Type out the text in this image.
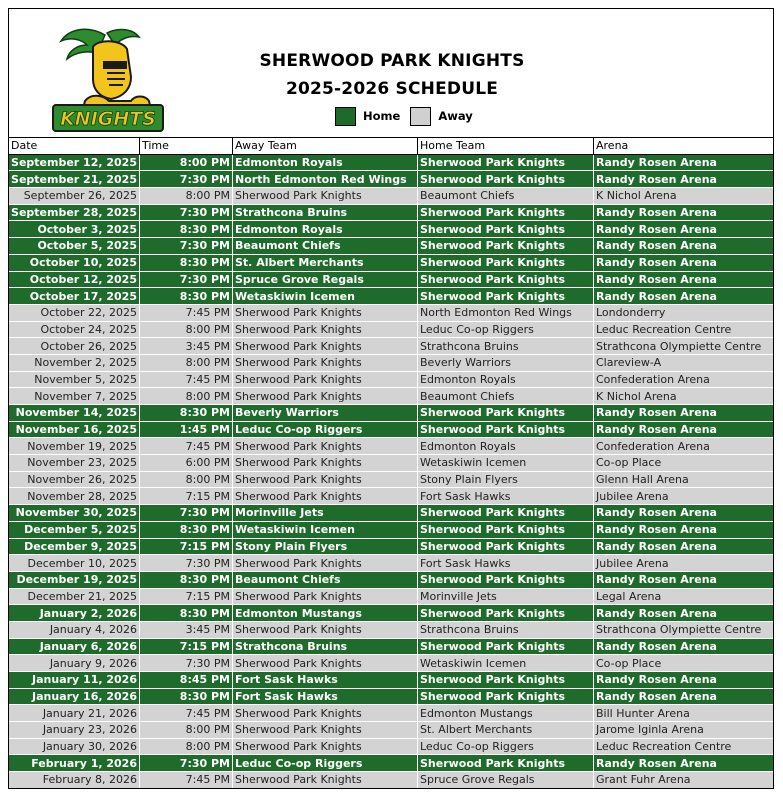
KNIGHTS
SHERWOOD PARK KNIGHTS
2025-2026 SCHEDULE
Home	Away
Date	Time	Away Team	Home Team	Arena
September 12, 2025	8:00 PM	Edmonton Royals	Sherwood Park Knights	Randy Rosen Arena
September 21, 2025	7:30 PM	North Edmonton Red Wings	Sherwood Park Knights	Randy Rosen Arena
September 26, 2025	8:00 PM	Sherwood Park Knights	Beaumont Chiefs	K Nichol Arena
September 28, 2025	7:30 PM	Strathcona Bruins	Sherwood Park Knights	Randy Rosen Arena
October 3, 2025	8:30 PM	Edmonton Royals	Sherwood Park Knights	Randy Rosen Arena
October 5, 2025	7:30 PM	Beaumont Chiefs	Sherwood Park Knights	Randy Rosen Arena
October 10, 2025	8:30 PM	St. Albert Merchants	Sherwood Park Knights	Randy Rosen Arena
October 12, 2025	7:30 PM	Spruce Grove Regals	Sherwood Park Knights	Randy Rosen Arena
October 17, 2025	8:30 PM	Wetaskiwin Icemen	Sherwood Park Knights	Randy Rosen Arena
October 22, 2025	7:45 PM	Sherwood Park Knights	North Edmonton Red Wings	Londonderry
October 24, 2025	8:00 PM	Sherwood Park Knights	Leduc Co-op Riggers	Leduc Recreation Centre
October 26, 2025	3:45 PM	Sherwood Park Knights	Strathcona Bruins	Strathcona Olympiette Centre
November 2, 2025	8:00 PM	Sherwood Park Knights	Beverly Warriors	Clareview-A
November 5, 2025	7:45 PM	Sherwood Park Knights	Edmonton Royals	Confederation Arena
November 7, 2025	8:00 PM	Sherwood Park Knights	Beaumont Chiefs	K Nichol Arena
November 14, 2025	8:30 PM	Beverly Warriors	Sherwood Park Knights	Randy Rosen Arena
November 16, 2025	1:45 PM	Leduc Co-op Riggers	Sherwood Park Knights	Randy Rosen Arena
November 19, 2025	7:45 PM	Sherwood Park Knights	Edmonton Royals	Confederation Arena
November 23, 2025	6:00 PM	Sherwood Park Knights	Wetaskiwin Icemen	Co-op Place
November 26, 2025	8:00 PM	Sherwood Park Knights	Stony Plain Flyers	Glenn Hall Arena
November 28, 2025	7:15 PM	Sherwood Park Knights	Fort Sask Hawks	Jubilee Arena
November 30, 2025	7:30 PM	Morinville Jets	Sherwood Park Knights	Randy Rosen Arena
December 5, 2025	8:30 PM	Wetaskiwin Icemen	Sherwood Park Knights	Randy Rosen Arena
December 9, 2025	7:15 PM	Stony Plain Flyers	Sherwood Park Knights	Randy Rosen Arena
December 10, 2025	7:30 PM	Sherwood Park Knights	Fort Sask Hawks	Jubilee Arena
December 19, 2025	8:30 PM	Beaumont Chiefs	Sherwood Park Knights	Randy Rosen Arena
December 21, 2025	7:15 PM	Sherwood Park Knights	Morinville Jets	Legal Arena
January 2, 2026	8:30 PM	Edmonton Mustangs	Sherwood Park Knights	Randy Rosen Arena
January 4, 2026	3:45 PM	Sherwood Park Knights	Strathcona Bruins	Strathcona Olympiette Centre
January 6, 2026	7:15 PM	Strathcona Bruins	Sherwood Park Knights	Randy Rosen Arena
January 9, 2026	7:30 PM	Sherwood Park Knights	Wetaskiwin Icemen	Co-op Place
January 11, 2026	8:45 PM	Fort Sask Hawks	Sherwood Park Knights	Randy Rosen Arena
January 16, 2026	8:30 PM	Fort Sask Hawks	Sherwood Park Knights	Randy Rosen Arena
January 21, 2026	7:45 PM	Sherwood Park Knights	Edmonton Mustangs	Bill Hunter Arena
January 23, 2026	8:00 PM	Sherwood Park Knights	St. Albert Merchants	Jarome Iginla Arena
January 30, 2026	8:00 PM	Sherwood Park Knights	Leduc Co-op Riggers	Leduc Recreation Centre
February 1, 2026	7:30 PM	Leduc Co-op Riggers	Sherwood Park Knights	Randy Rosen Arena
February 8, 2026	7:45 PM	Sherwood Park Knights	Spruce Grove Regals	Grant Fuhr Arena
